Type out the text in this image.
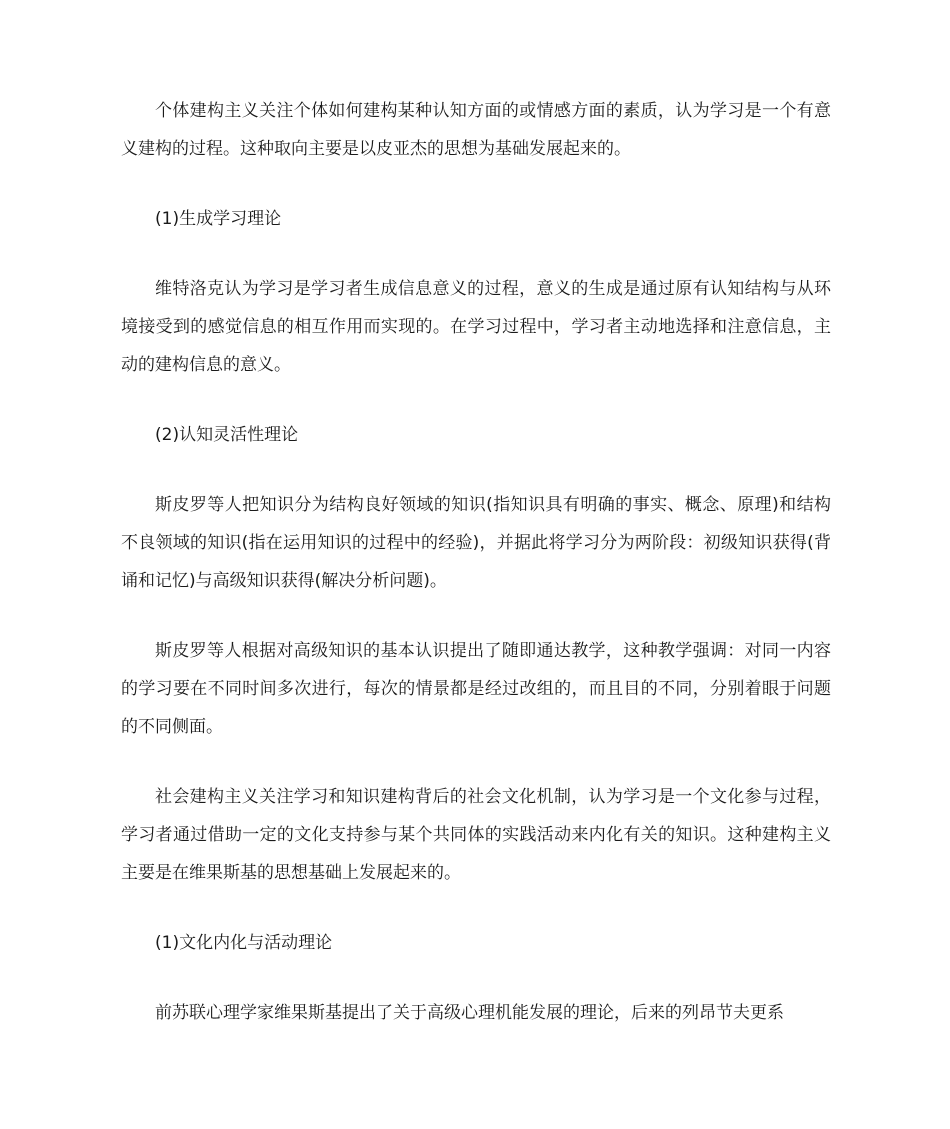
个体建构主义关注个体如何建构某种认知方面的或情感方面的素质，认为学习是一个有意义建构的过程。这种取向主要是以皮亚杰的思想为基础发展起来的。

(1)生成学习理论

维特洛克认为学习是学习者生成信息意义的过程，意义的生成是通过原有认知结构与从环境接受到的感觉信息的相互作用而实现的。在学习过程中，学习者主动地选择和注意信息，主动的建构信息的意义。

(2)认知灵活性理论

斯皮罗等人把知识分为结构良好领域的知识(指知识具有明确的事实、概念、原理)和结构不良领域的知识(指在运用知识的过程中的经验)，并据此将学习分为两阶段：初级知识获得(背诵和记忆)与高级知识获得(解决分析问题)。

斯皮罗等人根据对高级知识的基本认识提出了随即通达教学，这种教学强调：对同一内容的学习要在不同时间多次进行，每次的情景都是经过改组的，而且目的不同，分别着眼于问题的不同侧面。

社会建构主义关注学习和知识建构背后的社会文化机制，认为学习是一个文化参与过程，学习者通过借助一定的文化支持参与某个共同体的实践活动来内化有关的知识。这种建构主义主要是在维果斯基的思想基础上发展起来的。

(1)文化内化与活动理论

前苏联心理学家维果斯基提出了关于高级心理机能发展的理论，后来的列昂节夫更系
